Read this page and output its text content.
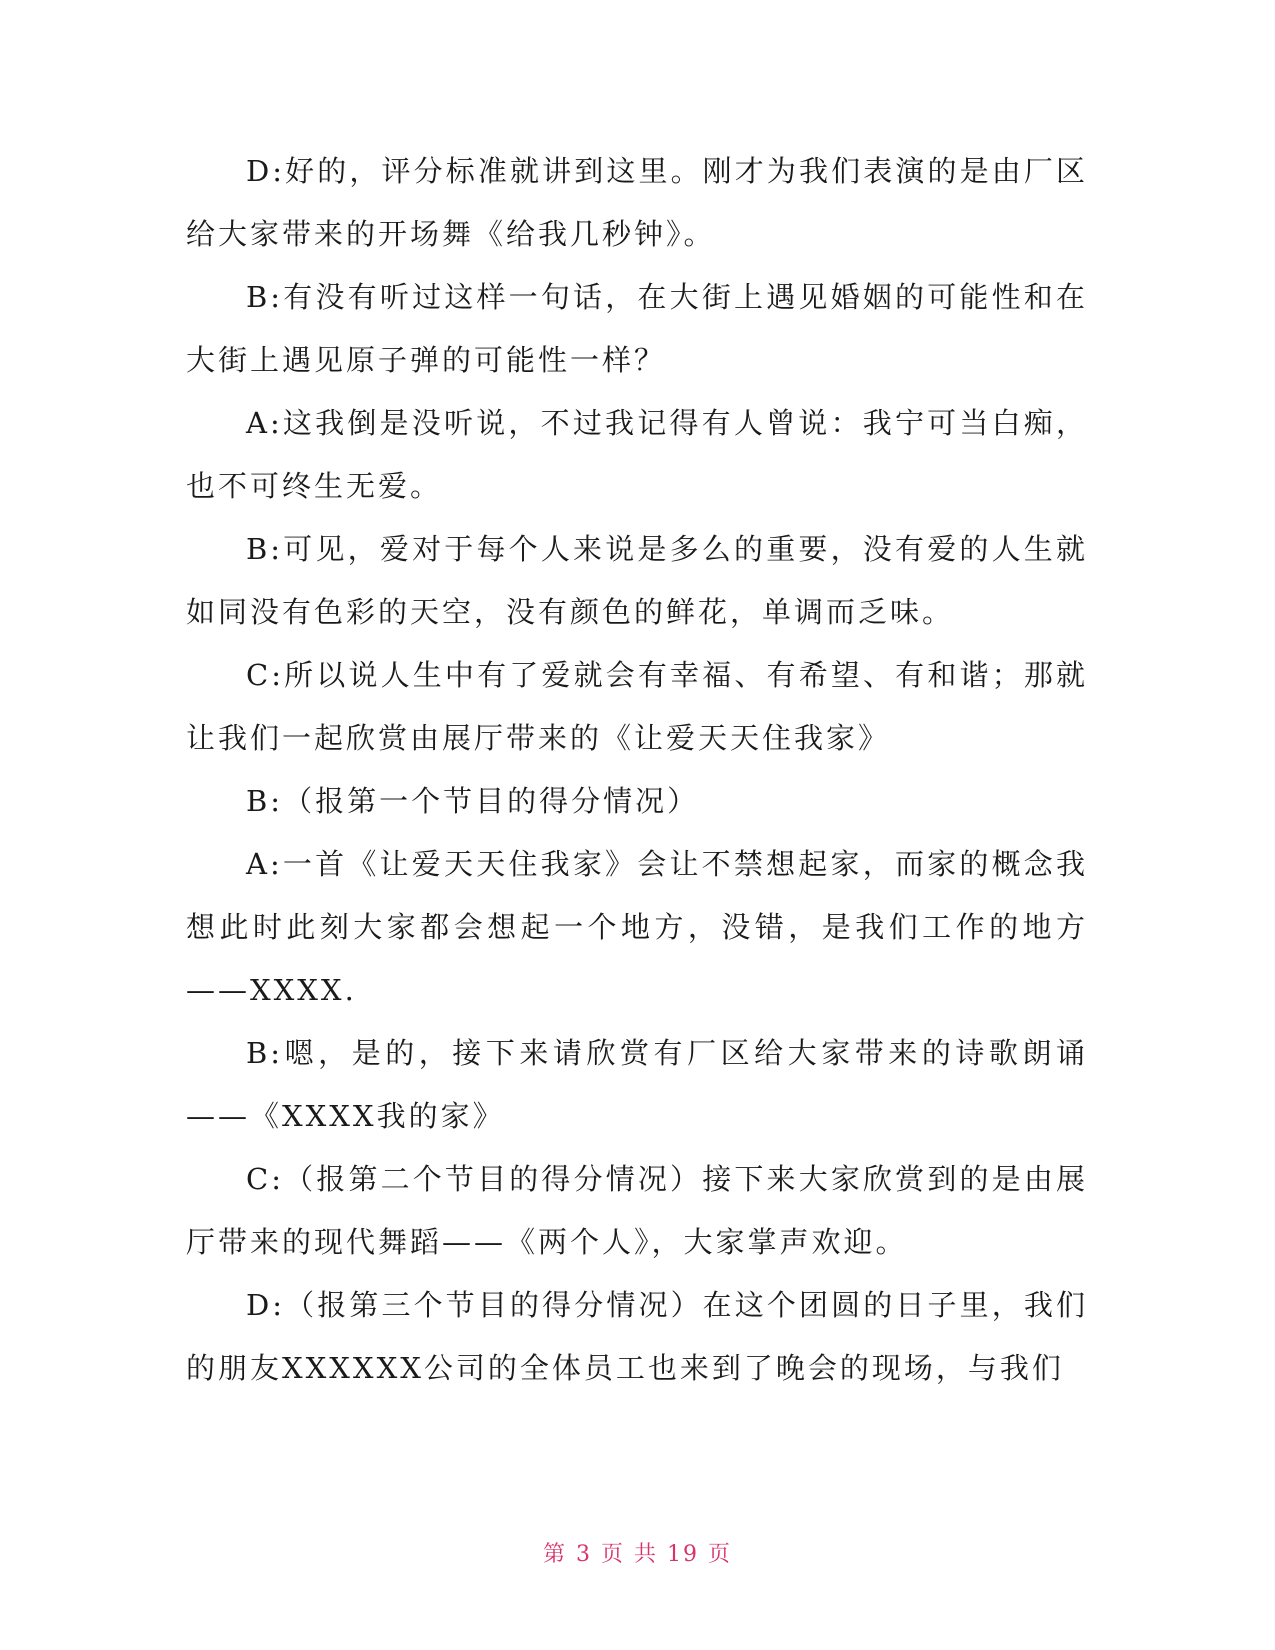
D:好的，评分标准就讲到这里。刚才为我们表演的是由厂区给大家带来的开场舞《给我几秒钟》。

B:有没有听过这样一句话，在大街上遇见婚姻的可能性和在大街上遇见原子弹的可能性一样？

A:这我倒是没听说，不过我记得有人曾说：我宁可当白痴，也不可终生无爱。

B:可见，爱对于每个人来说是多么的重要，没有爱的人生就如同没有色彩的天空，没有颜色的鲜花，单调而乏味。

C:所以说人生中有了爱就会有幸福、有希望、有和谐；那就让我们一起欣赏由展厅带来的《让爱天天住我家》

B:（报第一个节目的得分情况）

A:一首《让爱天天住我家》会让不禁想起家，而家的概念我想此时此刻大家都会想起一个地方，没错，是我们工作的地方——XXXX.

B:嗯，是的，接下来请欣赏有厂区给大家带来的诗歌朗诵——《XXXX我的家》

C:（报第二个节目的得分情况）接下来大家欣赏到的是由展厅带来的现代舞蹈——《两个人》，大家掌声欢迎。

D:（报第三个节目的得分情况）在这个团圆的日子里，我们的朋友XXXXXX公司的全体员工也来到了晚会的现场，与我们

第 3 页 共 19 页
